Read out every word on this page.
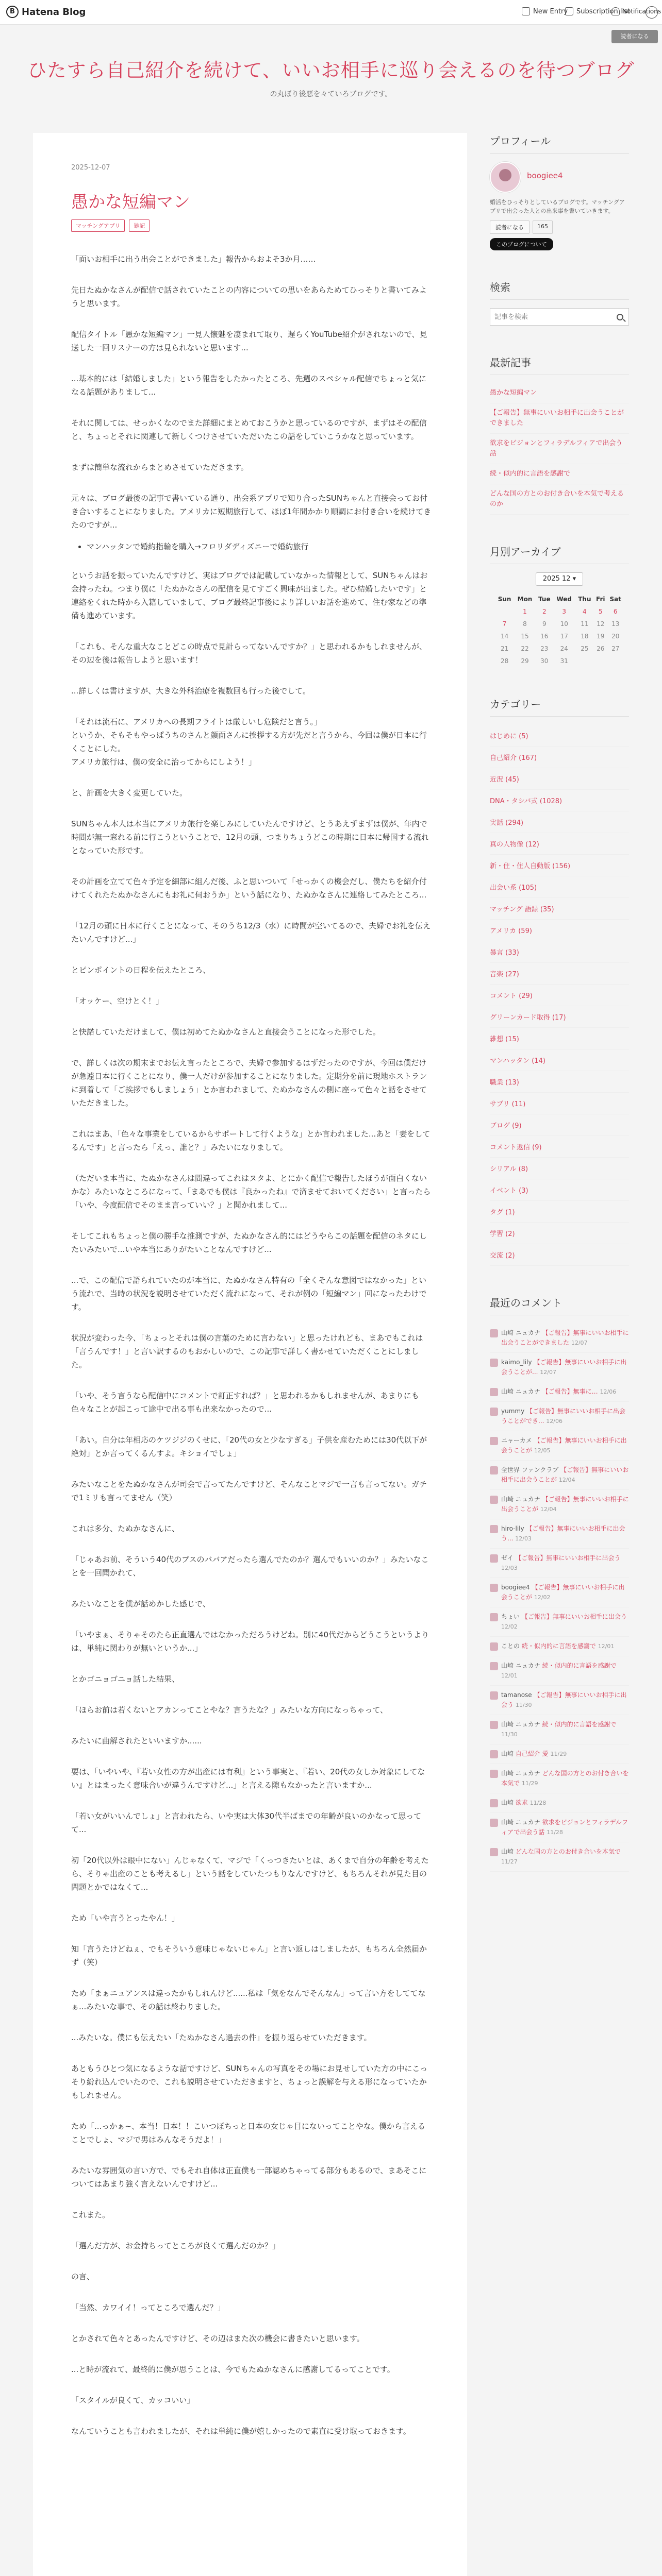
B Hatena Blog	New Entry Subscription list
Notifications
読者になる
ひたすら自己紹介を続けて、いいお相手に巡り会えるのを待つブログ
の丸ぼり後悪を々ていろブログです。
2025-12-07
愚かな短編マン
マッチングアプリ	雑記

「面いお相手に出う出会ことができました」報告からおよそ3か月……

先日たぬかなさんが配信で話されていたことの内容についての思いをあらためてひっそりと書いてみようと思います。

配信タイトル「愚かな短編マン」一見人懐魅を凄まれて取り、遅らくYouTube紹介がされないので、見送した一回リスナーの方は見られないと思います...

...基本的には「結婚しました」という報告をしたかったところ、先週のスペシャル配信でちょっと気になる話題がありまして...

それに関しては、せっかくなのでまた詳細にまとめておこうかと思っているのですが、まずはその配信と、ちょっとそれに関連して新しくつけさせていただいたこの話をしていこうかなと思っています。

まずは簡単な流れからまとめさせていただきます。

元々は、ブログ最後の記事で書いている通り、出会系アプリで知り合ったSUNちゃんと直接会ってお付き合いすることになりました。アメリカに短期旅行して、ほぼ1年間かかり順調にお付き合いを続けてきたのですが...

• マンハッタンで婚約指輪を購入→フロリダディズニーで婚約旅行

というお話を振っていたんですけど、実はブログでは記載していなかった情報として、SUNちゃんはお金持ったね。つまり僕に「たぬかなさんの配信を見てすごく興味が出ました。ぜひ結婚したいです」と連絡をくれた時から入籍していまして、ブログ最終記事後により詳しいお話を進めて、住む家などの準備も進めています。

「これも、そんな重大なことどこの時点で見計らってないんですか？」と思われるかもしれませんが、その辺を後は報告しようと思います！

...詳しくは書けますが、大きな外科治療を複数回も行った後でして。

「それは流石に、アメリカへの長期フライトは厳しいし危険だと言う。」
というか、そもそもやっぱうちのさんと顔面さんに挨拶する方が先だと言うから、今回は僕が日本に行くことにした。
アメリカ旅行は、僕の安全に治ってからにしよう！」

と、計画を大きく変更していた。

SUNちゃん本人は本当にアメリカ旅行を楽しみにしていたんですけど、とうあえずまずは僕が、年内で時間が無一窓れる前に行こうということで、12月の頭、つまりちょうどこの時期に日本に帰国する流れとなっていた形です。

その計画を立てて色々予定を細部に組んだ後、ふと思いついて「せっかくの機会だし、僕たちを紹介付けてくれたたぬかなさんにもお礼に伺おうか」という話になり、たぬかなさんに連絡してみたところ...

「12月の頭に日本に行くことになって、そのうち12/3（水）に時間が空いてるので、夫婦でお礼を伝えたいんですけど...」

とピンポイントの日程を伝えたところ、

「オッケー、空けとく！」

と快諾していただけまして、僕は初めてたぬかなさんと直接会うことになった形でした。

で、詳しくは次の期末までお伝え言ったところで、夫婦で参加するはずだったのですが、今回は僕だけが急遽日本に行くことになり、僕一人だけが参加することになりました。定期分を前に現地ホストランに到着して「ご挨拶でもしましょう」とか言われまして、たぬかなさんの側に座って色々と話をさせていただきました。

これはまあ、「色々な事業をしているからサポートして行くような」とか言われました...あと「妻をしてるんです」と言ったら「えっ、誰と？」みたいになりまして。

（ただいま本当に、たぬかなさんは間違ってこれはヌタよ、とにかく配信で報告したほうが面白くないかな）みたいなところになって、「まあでも僕は『良かったね』で済ませておいてください」と言ったら「いや、今度配信でそのまま言っていい？」と聞かれまして...

そしてこれもちょっと僕の勝手な推測ですが、たぬかなさん的にはどうやらこの話題を配信のネタにしたいみたいで...いや本当にありがたいことなんですけど...

...で、この配信で語られていたのが本当に、たぬかなさん特有の「全くそんな意図ではなかった」という流れで、当時の状況を説明させていただく流れになって、それが例の「短編マン」回になったわけです。

状況が変わった今、「ちょっとそれは僕の言葉のために言わない」と思ったけれども、まあでもこれは「言うんです！」と言い訳するのもおかしいので、この記事で詳しく書かせていただくことにしました。

「いや、そう言うなら配信中にコメントで訂正すれば？」と思われるかもしれませんが、あまりにも色々なことが起こって途中で出る事も出来なかったので...

「あい。自分は年相応のケツジジのくせに、「20代の女と少なすぎる」子供を産むためには30代以下が絶対」とか言ってくるんすよ。キショイでしょ」

みたいなことをたぬかなさんが司会で言ってたんですけど、そんなことマジで一言も言ってない。ガチで1ミリも言ってません（笑）

これは多分、たぬかなさんに、

「じゃあお前、そういう40代のブスのババアだったら選んでたのか？選んでもいいのか？」みたいなことを一回聞かれて、

みたいなことを僕が話めかした感じで、

「いやまぁ、そりゃそのたら正直選んではなかっただろうけどね。別に40代だからどうこうというよりは、単純に関わりが無いというか...」

とかゴニョゴニョ話した結果、

「ほらお前は若くないとアカンってことやな？言うたな？」みたいな方向になっちゃって、

みたいに曲解されたといいますか......

要は、「いやいや、『若い女性の方が出産には有利』という事実と、『若い、20代の女しか対象にしてない』とはまったく意味合いが違うんですけど...」と言える隙もなかったと言いますか...

「若い女がいいんでしょ」と言われたら、いや実は大体30代半ばまでの年齢が良いのかなって思ってて...

初「20代以外は眼中にない」んじゃなくて、マジで「くっつきたいとは、あくまで自分の年齢を考えたら、そりゃ出産のことも考えるし」という話をしていたつもりなんですけど、もちろんそれが見た目の問題とかではなくて...

ため「いや言うとったやん！」

知「言うたけどねぇ、でもそういう意味じゃないじゃん」と言い返しはしましたが、もちろん全然届かず（笑）

ため「まぁニュアンスは違ったかもしれんけど......私は「気をなんでそんなん」って言い方をしててなぁ...みたいな事で、その話は終わりました。

...みたいな。僕にも伝えたい「たぬかなさん過去の件」を振り返らせていただきます。

あともうひとつ気になるような話ですけど、SUNちゃんの写真をその場にお見せしていた方の中にこっそり紛れ込んでいたので、これも説明させていただきますと、ちょっと誤解を与える形になっていたかもしれません。

ため「...っかぁ~、本当！日本！！こいつぼちっと日本の女じゃ目にないってことやな。僕から言えることでしょ、マジで男はみんなそうだよ！」

みたいな雰囲気の言い方で、でもそれ自体は正直僕も一部認めちゃってる部分もあるので、まあそこについてはあまり強く言えないんですけど...

これまた。

「選んだ方が、お金持ちってところが良くて選んだのか？」

の言、

「当然、カワイイ！ってところで選んだ？」

とかされて色々とあったんですけど、その辺はまた次の機会に書きたいと思います。

...と時が流れて、最終的に僕が思うことは、今でもたぬかなさんに感謝してるってことです。

「スタイルが良くて、カッコいい」

なんていうことも言われましたが、それは単純に僕が嬉しかったので素直に受け取っておきます。

プロフィール
boogiee4
婚活をひっそりとしているブログです。マッチングアプリで出会った人との出来事を書いていきます。
読者になる	165
このブログについて
検索
記事を検索
最新記事
愚かな短編マン
【ご報告】無事にいいお相手に出会うことができました
欲求をビジョンとフィラデルフィアで出会う話
続・似内的に言語を感謝で
どんな国の方とのお付き合いを本気で考えるのか
月別アーカイブ
2025 12 ▾
Sun	Mon	Tue	Wed	Thu	Fri	Sat
	1	2	3	4	5	6
7	8	9	10	11	12	13
14	15	16	17	18	19	20
21	22	23	24	25	26	27
28	29	30	31			
カテゴリー
はじめに (5)
自己紹介 (167)
近況 (45)
DNA・タシバ式 (1028)
実話 (294)
真の人物像 (12)
新・住・住人自動版 (156)
出会い系 (105)
マッチング 語録 (35)
アメリカ (59)
暴言 (33)
音楽 (27)
コメント (29)
グリーンカード取得 (17)
雑想 (15)
マンハッタン (14)
職業 (13)
サブリ (11)
ブログ (9)
コメント返信 (9)
シリアル (8)
イベント (3)
タグ (1)
学習 (2)
交流 (2)
最近のコメント
山崎 ニュカナ 【ご報告】無事にいいお相手に出会うことができました 12/07
kaimo_lily 【ご報告】無事にいいお相手に出会うことが... 12/07
山崎 ニュカナ 【ご報告】無事に… 12/06
yummy 【ご報告】無事にいいお相手に出会うことができ... 12/06
ニャーカメ 【ご報告】無事にいいお相手に出会うことが 12/05
全世界 ファンクラブ 【ご報告】無事にいいお相手に出会うことが 12/04
山崎 ニュカナ 【ご報告】無事にいいお相手に出会うことが 12/04
hiro-lily 【ご報告】無事にいいお相手に出会う... 12/03
ゼイ 【ご報告】無事にいいお相手に出会う 12/03
boogiee4 【ご報告】無事にいいお相手に出会うことが 12/02
ちょい 【ご報告】無事にいいお相手に出会う 12/02
ことの 続・似内的に言語を感謝で 12/01
山崎 ニュカナ 続・似内的に言語を感謝で 12/01
tamanose 【ご報告】無事にいいお相手に出会う 11/30
山崎 ニュカナ 続・似内的に言語を感謝で 11/30
山崎 自己紹介 愛 11/29
山崎 ニュカナ どんな国の方とのお付き合いを本気で 11/29
山崎 欲求 11/28
山崎 ニュカナ 欲求をビジョンとフィラデルフィアで出会う話 11/28
山崎 どんな国の方とのお付き合いを本気で 11/27
